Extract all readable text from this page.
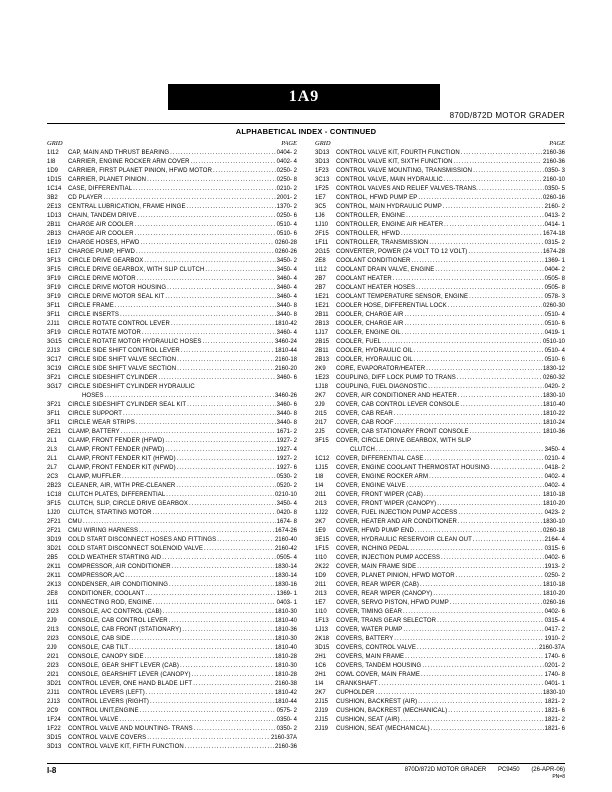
1A9
870D/872D MOTOR GRADER
ALPHABETICAL INDEX - CONTINUED
GRID	PAGE
1I12	CAP, MAIN AND THRUST BEARING .....	0404- 2
1I8	CARRIER, ENGINE ROCKER ARM COVER .....	0402- 4
1D9	CARRIER, FIRST PLANET PINION, HFWD MOTOR .....	0250- 2
1D15	CARRIER, PLANET PINION .....	0250- 8
1C14	CASE, DIFFERENTIAL .....	0210- 2
3B2	CD PLAYER .....	2001- 2
2E13	CENTRAL LUBRICATION, FRAME HINGE .....	1370- 2
1D13	CHAIN, TANDEM DRIVE .....	0250- 6
2B11	CHARGE AIR COOLER .....	0510- 4
2B13	CHARGE AIR COOLER .....	0510- 6
1E19	CHARGE HOSES, HFWD .....	0260-28
1E17	CHARGE PUMP, HFWD .....	0260-26
3F13	CIRCLE DRIVE GEARBOX .....	3450- 2
3F15	CIRCLE DRIVE GEARBOX, WITH SLIP CLUTCH .....	3450- 4
3F19	CIRCLE DRIVE MOTOR .....	3460- 4
3F19	CIRCLE DRIVE MOTOR HOUSING .....	3460- 4
3F19	CIRCLE DRIVE MOTOR SEAL KIT .....	3460- 4
3F11	CIRCLE FRAME .....	3440- 8
3F11	CIRCLE INSERTS .....	3440- 8
2J11	CIRCLE ROTATE CONTROL LEVER .....	1810-42
3F19	CIRCLE ROTATE MOTOR .....	3460- 4
3G15	CIRCLE ROTATE MOTOR HYDRAULIC HOSES .....	3460-24
2J13	CIRCLE SIDE SHIFT CONTROL LEVER .....	1810-44
3C17	CIRCLE SIDE SHIFT VALVE SECTION .....	2160-18
3C19	CIRCLE SIDE SHIFT VALVE SECTION .....	2160-20
3F21	CIRCLE SIDESHIFT CYLINDER .....	3460- 6
3G17	CIRCLE SIDESHIFT CYLINDER HYDRAULIC
HOSES .....	3460-26
3F21	CIRCLE SIDESHIFT CYLINDER SEAL KIT .....	3460- 6
3F11	CIRCLE SUPPORT .....	3440- 8
3F11	CIRCLE WEAR STRIPS .....	3440- 8
2E21	CLAMP, BATTERY .....	1671- 2
2L1	CLAMP, FRONT FENDER (HFWD) .....	1927- 2
2L3	CLAMP, FRONT FENDER (NFWD) .....	1927- 4
2L1	CLAMP, FRONT FENDER KIT (HFWD) .....	1927- 2
2L7	CLAMP, FRONT FENDER KIT (NFWD) .....	1927- 6
2C3	CLAMP, MUFFLER .....	0530- 2
2B23	CLEANER, AIR, WITH PRE-CLEANER .....	0520- 2
1C18	CLUTCH PLATES, DIFFERENTIAL .....	0210-10
3F15	CLUTCH, SLIP, CIRCLE DRIVE GEARBOX .....	3450- 4
1J20	CLUTCH, STARTING MOTOR .....	0420- 8
2F21	CMU .....	1674- 8
2F21	CMU WIRING HARNESS .....	1674-26
3D19	COLD START DISCONNECT HOSES AND FITTINGS .....	2160-40
3D21	COLD START DISCONNECT SOLENOID VALVE .....	2160-42
2B5	COLD WEATHER STARTING AID .....	0505- 4
2K11	COMPRESSOR, AIR CONDITIONER .....	1830-14
2K11	COMPRESSOR,A/C .....	1830-14
2K13	CONDENSER, AIR CONDITIONING .....	1830-16
2E8	CONDITIONER, COOLANT .....	1369- 1
1I11	CONNECTING ROD, ENGINE .....	0403- 1
2I23	CONSOLE, A/C CONTROL (CAB) .....	1810-30
2J9	CONSOLE, CAB CONTROL LEVER .....	1810-40
2I13	CONSOLE, CAB FRONT (STATIONARY) .....	1810-36
2I23	CONSOLE, CAB SIDE .....	1810-30
2J9	CONSOLE, CAB TILT .....	1810-40
2I21	CONSOLE, CANOPY SIDE .....	1810-28
2I23	CONSOLE, GEAR SHIFT LEVER (CAB) .....	1810-30
2I21	CONSOLE, GEARSHIFT LEVER (CANOPY) .....	1810-28
3D21	CONTROL LEVER, ONE HAND BLADE LIFT .....	2160-38
2J11	CONTROL LEVERS (LEFT) .....	1810-42
2J13	CONTROL LEVERS (RIGHT) .....	1810-44
2C9	CONTROL UNIT,ENGINE .....	0575- 2
1F24	CONTROL VALVE .....	0350- 4
1F22	CONTROL VALVE AND MOUNTING- TRANS .....	0350- 2
3D15	CONTROL VALVE COVERS .....	2160-37A
3D13	CONTROL VALVE KIT, FIFTH FUNCTION .....	2160-36
GRID	PAGE
3D13	CONTROL VALVE KIT, FOURTH FUNCTION .....	2160-36
3D13	CONTROL VALVE KIT, SIXTH FUNCTION .....	2160-36
1F23	CONTROL VALVE MOUNTING, TRANSMISSION .....	0350- 3
3C13	CONTROL VALVE, MAIN HYDRAULIC .....	2160-10
1F25	CONTROL VALVES AND RELIEF VALVES-TRANS. .....	0350- 5
1E7	CONTROL, HFWD PUMP EP .....	0260-16
3C5	CONTROL, MAIN HYDRAULIC PUMP .....	2160- 2
1J6	CONTROLLER, ENGINE .....	0413- 2
1J10	CONTROLLER, ENGINE AIR HEATER .....	0414- 1
2F15	CONTROLLER, HFWD .....	1674-18
1F11	CONTROLLER, TRANSMISSION .....	0315- 2
2G15	CONVERTER, POWER (24 VOLT TO 12 VOLT) .....	1674-28
2E8	COOLANT CONDITIONER .....	1369- 1
1I12	COOLANT DRAIN VALVE, ENGINE .....	0404- 2
2B7	COOLANT HEATER .....	0505- 8
2B7	COOLANT HEATER HOSES .....	0505- 8
1E21	COOLANT TEMPERATURE SENSOR, ENGINE .....	0578- 3
1E21	COOLER HOSE, DIFFERENTIAL LOCK .....	0260-30
2B11	COOLER, CHARGE AIR .....	0510- 4
2B13	COOLER, CHARGE AIR .....	0510- 6
1J17	COOLER, ENGINE OIL .....	0419- 1
2B15	COOLER, FUEL .....	0510-10
2B11	COOLER, HYDRAULIC OIL .....	0510- 4
2B13	COOLER, HYDRAULIC OIL .....	0510- 6
2K9	CORE, EVAPORATOR/HEATER .....	1830-12
1E23	COUPLING, DIFF LOCK PUMP TO TRANS .....	0260-32
1J18	COUPLING, FUEL DIAGNOSTIC .....	0420- 2
2K7	COVER, AIR CONDITIONER AND HEATER .....	1830-10
2J9	COVER, CAB CONTROL LEVER CONSOLE .....	1810-40
2I15	COVER, CAB REAR .....	1810-22
2I17	COVER, CAB ROOF .....	1810-24
2J5	COVER, CAB STATIONARY FRONT CONSOLE .....	1810-36
3F15	COVER, CIRCLE DRIVE GEARBOX, WITH SLIP
CLUTCH .....	3450- 4
1C12	COVER, DIFFERENTIAL CASE .....	0210- 4
1J15	COVER, ENGINE COOLANT THERMOSTAT HOUSING .....	0418- 2
1I8	COVER, ENGINE ROCKER ARM .....	0402- 4
1I4	COVER, ENGINE VALVE .....	0402- 4
2I11	COVER, FRONT WIPER (CAB) .....	1810-18
2I13	COVER, FRONT WIPER (CANOPY) .....	1810-20
1J22	COVER, FUEL INJECTION PUMP ACCESS .....	0423- 2
2K7	COVER, HEATER AND AIR CONDITIONER .....	1830-10
1E9	COVER, HFWD PUMP END .....	0260-18
3E15	COVER, HYDRAULIC RESERVOIR CLEAN OUT .....	2164- 4
1F15	COVER, INCHING PEDAL .....	0315- 6
1I10	COVER, INJECTION PUMP ACCESS .....	0402- 6
2K22	COVER, MAIN FRAME SIDE .....	1913- 2
1D9	COVER, PLANET PINION, HFWD MOTOR .....	0250- 2
2I11	COVER, REAR WIPER (CAB) .....	1810-18
2I13	COVER, REAR WIPER (CANOPY) .....	1810-20
1E7	COVER, SERVO PISTON, HFWD PUMP .....	0260-16
1I10	COVER, TIMING GEAR .....	0402- 6
1F13	COVER, TRANS GEAR SELECTOR .....	0315- 4
1J13	COVER, WATER PUMP .....	0417- 2
2K18	COVERS, BATTERY .....	1910- 2
3D15	COVERS, CONTROL VALVE .....	2160-37A
2H1	COVERS, MAIN FRAME .....	1740- 6
1C6	COVERS, TANDEM HOUSING .....	0201- 2
2H1	COWL COVER, MAIN FRAME .....	1740- 8
1I4	CRANKSHAFT .....	0401- 1
2K7	CUPHOLDER .....	1830-10
2J15	CUSHION, BACKREST (AIR) .....	1821- 2
2J19	CUSHION, BACKREST (MECHANICAL) .....	1821- 6
2J15	CUSHION, SEAT (AIR) .....	1821- 2
2J19	CUSHION, SEAT (MECHANICAL) .....	1821- 6
I-8	870D/872D MOTOR GRADER PC9450 (26-APR-06)
PN=8
